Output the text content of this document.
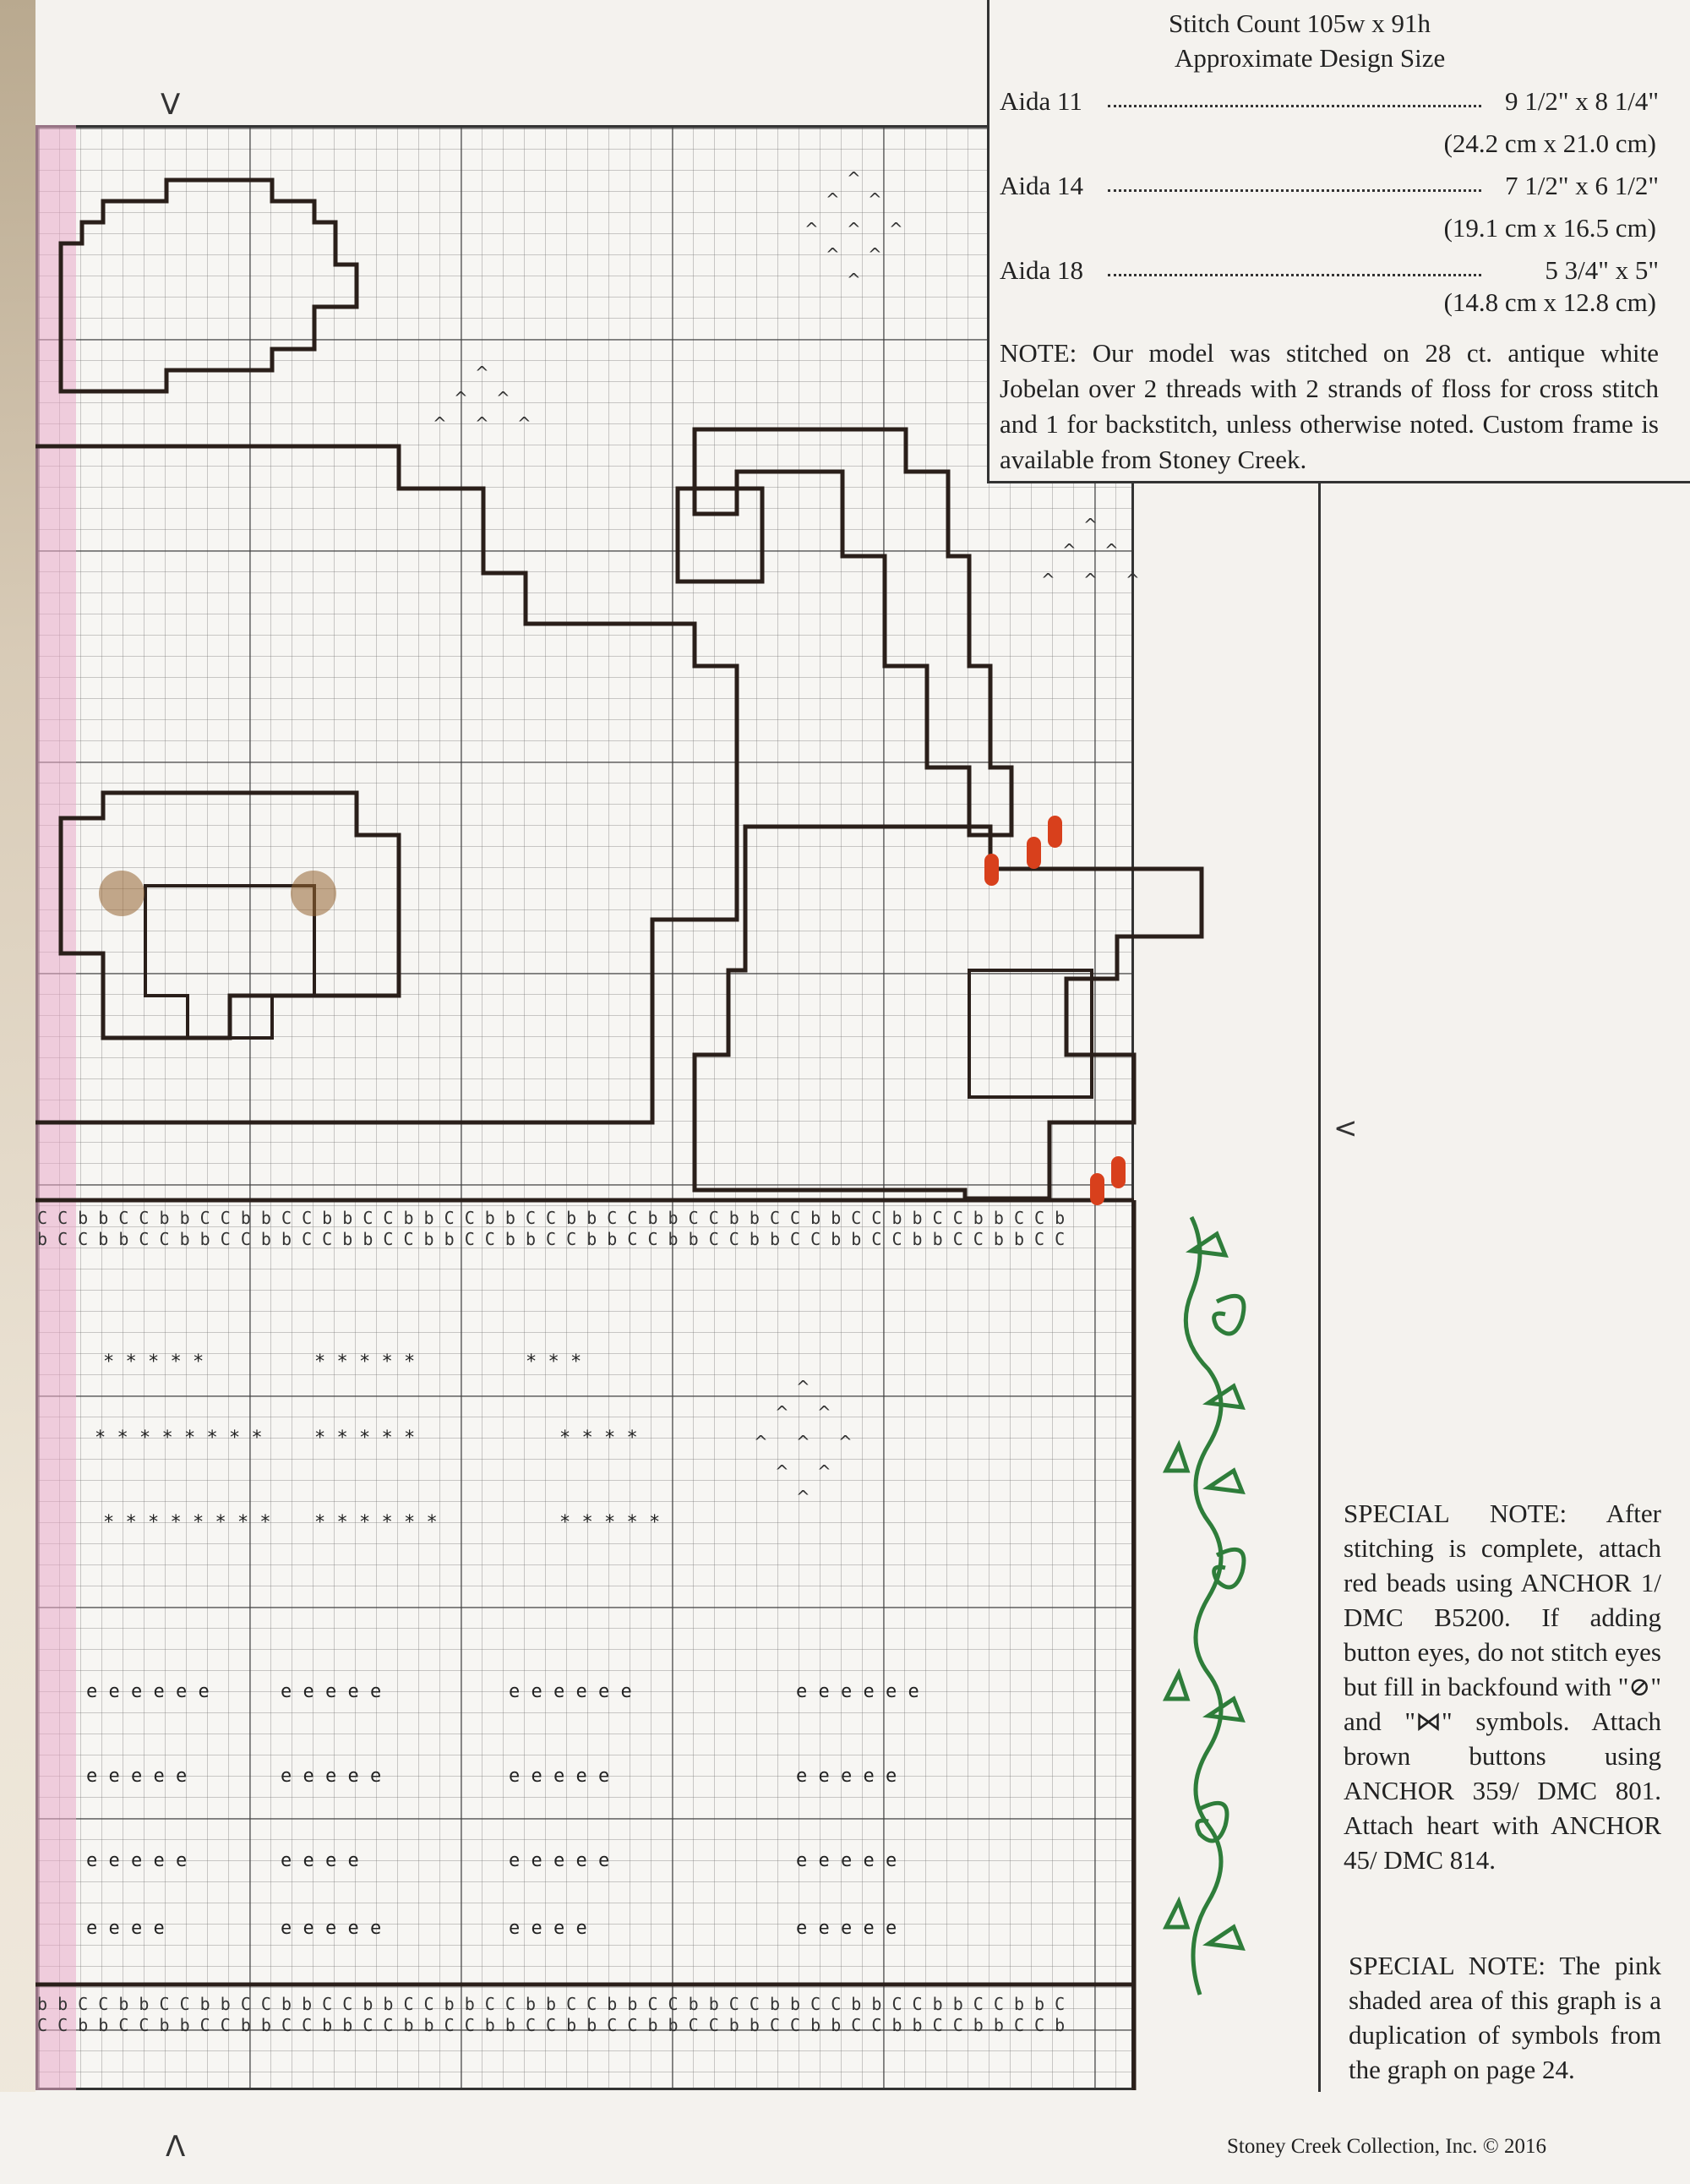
^
^ ^
^ ^ ^
^ ^
^
^
^ ^
^ ^ ^
^
^ ^
^ ^ ^
^
^ ^
^ ^ ^
^ ^
^
* * * * *	* * * * *	* * *
* * * * * * * *	* * * * *	* * * *
* * * * * * * * * * * * * *	* * * * *
e e e e e e	e e e e e	e e e e e e	e e e e e e
e e e e e	e e e e e	e e e e e	e e e e e
e e e e e	e e e e	e e e e e	e e e e e
e e e e	e e e e e	e e e e	e e e e e
C C b b C C b b C C b b C C b b C C b b C C b b C C b b C C b b C C b b C C b b C C b b C C b b C C b
b C C b b C C b b C C b b C C b b C C b b C C b b C C b b C C b b C C b b C C b b C C b b C C b b C C
b b C C b b C C b b C C b b C C b b C C b b C C b b C C b b C C b b C C b b C C b b C C b b C C b b C
C C b b C C b b C C b b C C b b C C b b C C b b C C b b C C b b C C b b C C b b C C b b C C b b C C b
V
<
Λ
Stitch Count 105w x 91h
Approximate Design Size
Aida 11	9 1/2" x 8 1/4"
(24.2 cm x 21.0 cm)
Aida 14	7 1/2" x 6 1/2"
(19.1 cm x 16.5 cm)
Aida 18	5 3/4" x 5"
(14.8 cm x 12.8 cm)
NOTE: Our model was stitched on 28 ct. antique white Jobelan over 2 threads with 2 strands of floss for cross stitch and 1 for backstitch, unless otherwise noted. Custom frame is available from Stoney Creek.
SPECIAL NOTE: After stitching is complete, attach red beads using ANCHOR 1/ DMC B5200. If adding button eyes, do not stitch eyes but fill in backfound with "⊘" and "⋈" symbols. Attach brown buttons using ANCHOR 359/ DMC 801. Attach heart with ANCHOR 45/ DMC 814.
SPECIAL NOTE: The pink shaded area of this graph is a duplication of symbols from the graph on page 24.
Stoney Creek Collection, Inc. © 2016
